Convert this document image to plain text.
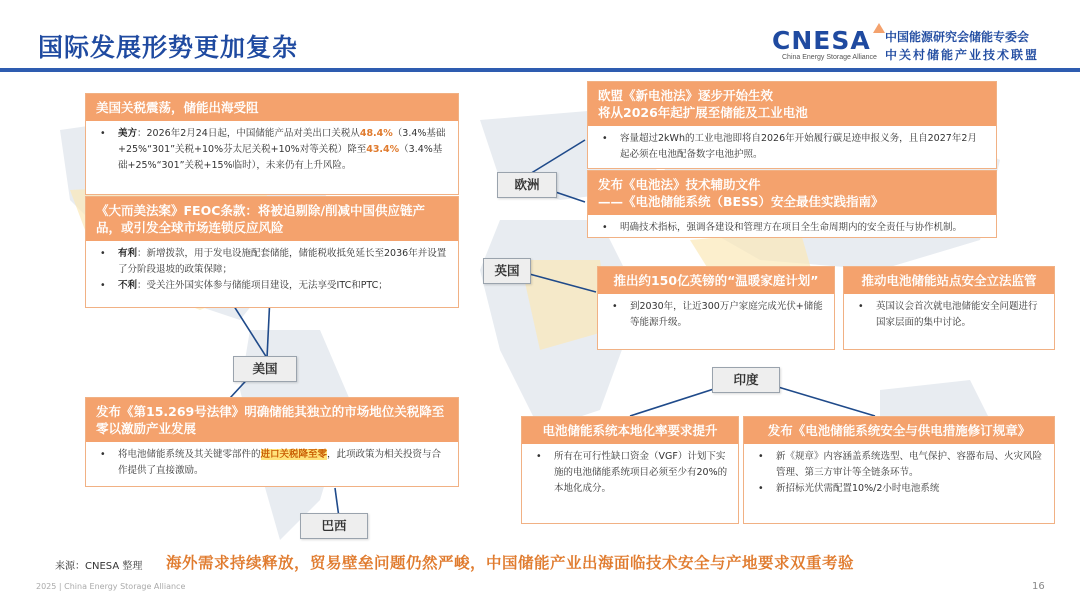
国际发展形势更加复杂	CNESA
China Energy Storage Alliance
中国能源研究会储能专委会
中关村储能产业技术联盟
美国关税震荡，储能出海受阻
• 美方：2026年2月24日起，中国储能产品对美出口关税从48.4%（3.4%基础+25%“301”关税+10%芬太尼关税+10%对等关税）降至43.4%（3.4%基础+25%“301”关税+15%临时），未来仍有上升风险。
《大而美法案》FEOC条款：将被迫剔除/削减中国供应链产品，或引发全球市场连锁反应风险
• 有利：新增拨款，用于发电设施配套储能，储能税收抵免延长至2036年并设置了分阶段退坡的政策保障；
• 不利：受关注外国实体参与储能项目建设，无法享受ITC和PTC；
美国
发布《第15.269号法律》明确储能其独立的市场地位关税降至零以激励产业发展
• 将电池储能系统及其关键零部件的进口关税降至零，此项政策为相关投资与合作提供了直接激励。
巴西
欧盟《新电池法》逐步开始生效
将从2026年起扩展至储能及工业电池
• 容量超过2kWh的工业电池即将自2026年开始履行碳足迹申报义务，且自2027年2月起必须在电池配备数字电池护照。
发布《电池法》技术辅助文件
——《电池储能系统（BESS）安全最佳实践指南》
• 明确技术指标，强调各建设和管理方在项目全生命周期内的安全责任与协作机制。
欧洲
英国
推出约150亿英镑的“温暖家庭计划”
• 到2030年，让近300万户家庭完成光伏+储能等能源升级。
推动电池储能站点安全立法监管
• 英国议会首次就电池储能安全问题进行国家层面的集中讨论。
印度
电池储能系统本地化率要求提升
• 所有在可行性缺口资金（VGF）计划下实施的电池储能系统项目必须至少有20%的本地化成分。
发布《电池储能系统安全与供电措施修订规章》
• 新《规章》内容涵盖系统选型、电气保护、容器布局、火灾风险管理、第三方审计等全链条环节。
• 新招标光伏需配置10%/2小时电池系统
来源：CNESA 整理 海外需求持续释放，贸易壁垒问题仍然严峻，中国储能产业出海面临技术安全与产地要求双重考验
2025 | China Energy Storage Alliance	16
